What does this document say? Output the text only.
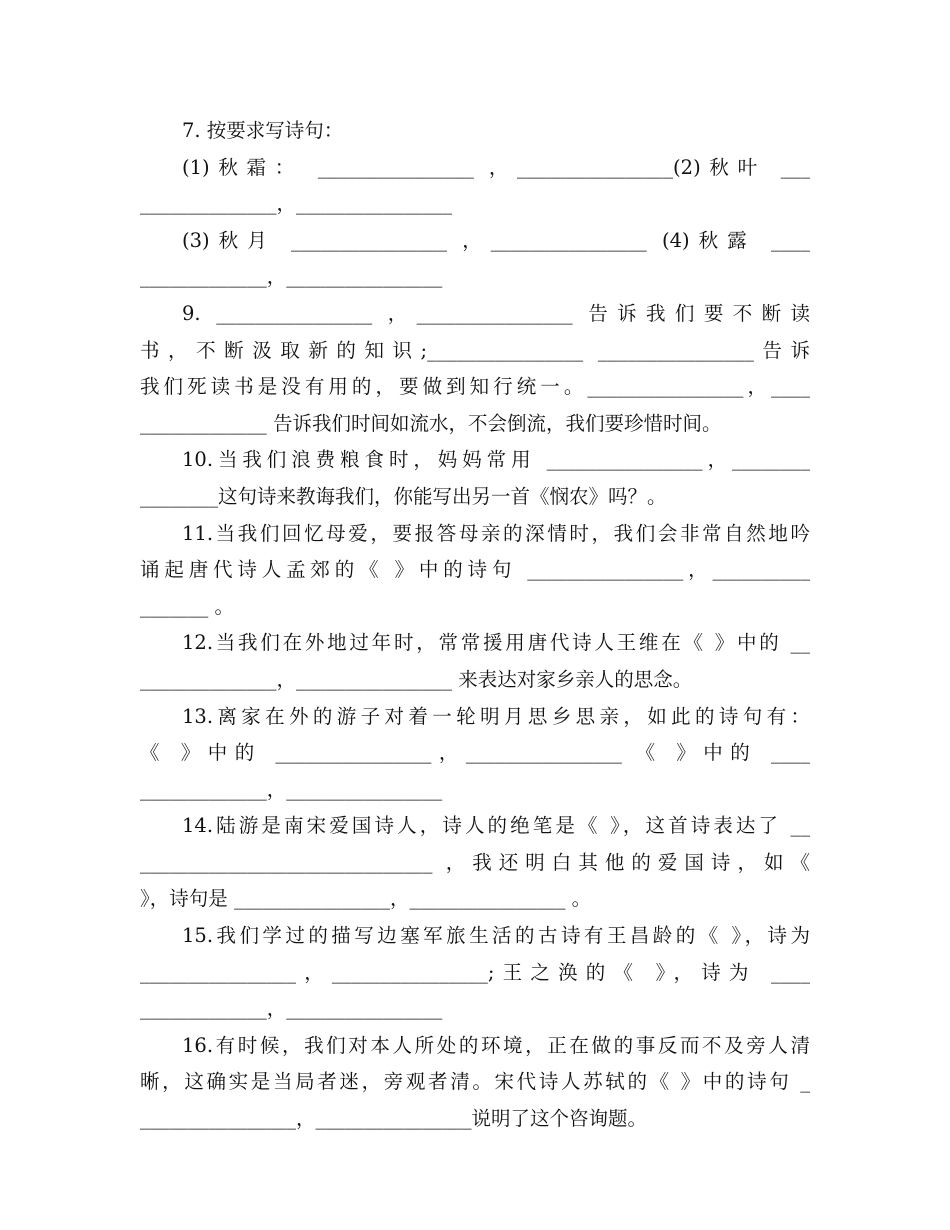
7. 按要求写诗句：
(1)秋霜： ________________ ，________________(2)秋叶 ___
______________，________________
(3)秋月 ________________ ，________________ (4)秋露 ____
_____________，________________
9. ________________ ，________________ 告诉我们要不断读
书，不断汲取新的知识;________________ ________________告诉
我们死读书是没有用的，要做到知行统一。________________，____
_____________ 告诉我们时间如流水，不会倒流，我们要珍惜时间。
10.当我们浪费粮食时，妈妈常用 ________________，________
________这句诗来教诲我们，你能写出另一首《悯农》吗？。
11.当我们回忆母爱，要报答母亲的深情时，我们会非常自然地吟
诵起唐代诗人孟郊的《 》中的诗句 ________________，__________
_______ 。
12.当我们在外地过年时，常常援用唐代诗人王维在《 》中的 __
______________，________________ 来表达对家乡亲人的思念。
13.离家在外的游子对着一轮明月思乡思亲，如此的诗句有：
《 》中的 ________________，________________ 《 》中的 ____
_____________，________________
14.陆游是南宋爱国诗人，诗人的绝笔是《 》，这首诗表达了 __
______________________________ ，我还明白其他的爱国诗，如《
》，诗句是 ________________，________________ 。
15.我们学过的描写边塞军旅生活的古诗有王昌龄的《 》，诗为
________________，________________;王之涣的《 》，诗为 ____
_____________，________________
16.有时候，我们对本人所处的环境，正在做的事反而不及旁人清
晰，这确实是当局者迷，旁观者清。宋代诗人苏轼的《 》中的诗句 _
________________，________________说明了这个咨询题。
